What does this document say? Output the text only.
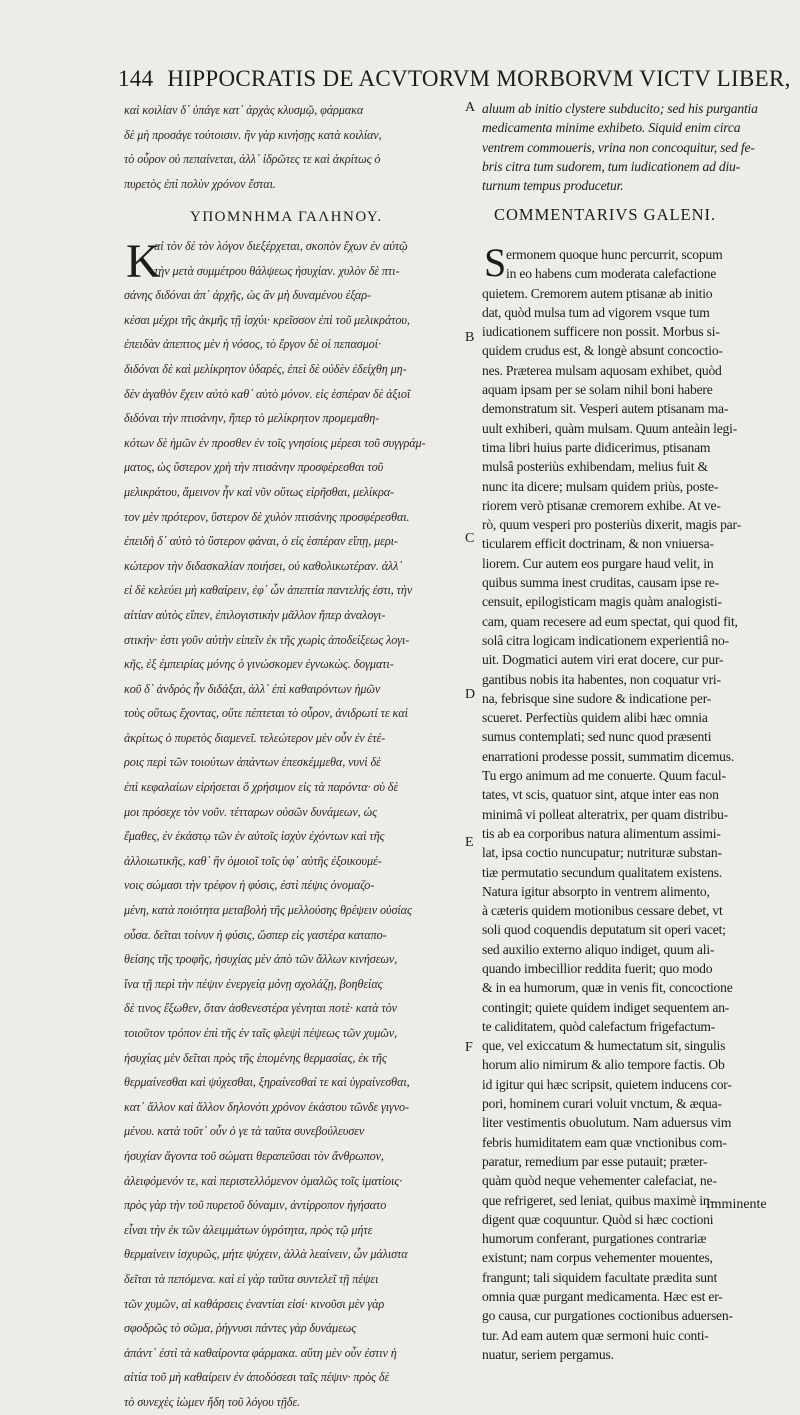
144 HIPPOCRATIS DE ACVTORVM MORBORVM VICTV LIBER,
καὶ κοιλίαν δ᾽ ὑπάγε κατ᾽ ἀρχὰς κλυσμῷ, φάρμακα
δὲ μὴ προσάγε τούτοισιν. ἢν γὰρ κινήσῃς κατὰ κοιλίαν,
τὸ οὖρον οὐ πεπαίνεται, ἀλλ᾽ ἱδρῶτες τε καὶ ἀκρίτως ὁ
πυρετὸς ἐπὶ πολὺν χρόνον ἔσται.
aluum ab initio clystere subducito; sed his purgantia
medicamenta minime exhibeto. Siquid enim circa
ventrem commoueris, vrina non concoquitur, sed fe-
bris citra tum sudorem, tum iudicationem ad diu-
turnum tempus producetur.
ΥΠΟΜΝΗΜΑ ΓΑΛΗΝΟΥ.	COMMENTARIVS GALENI.
K	S
αἰ τὸν δὲ τὸν λόγον διεξέρχεται, σκοπὸν ἔχων ἐν αὐτῷ
τὴν μετὰ συμμέτρου θάλψεως ἡσυχίαν. χυλὸν δὲ πτι-
σάνης διδόναι ἀπ᾽ ἀρχῆς, ὡς ἂν μὴ δυναμένου ἐξαρ-
κέσαι μέχρι τῆς ἀκμῆς τῇ ἰσχύι· κρεῖσσον ἐπὶ τοῦ μελικράτου,
ἐπειδὰν ἀπεπτος μὲν ἡ νόσος, τὸ ἔργον δὲ οἱ πεπασμοί·
διδόναι δὲ καὶ μελίκρητον ὑδαρές, ἐπεὶ δὲ οὐδὲν ἐδείχθη μη-
δὲν ἀγαθὸν ἔχειν αὐτὸ καθ᾽ αὑτὸ μόνον. εἰς ἑσπέραν δὲ ἀξιοῖ
διδόναι τὴν πτισάνην, ἤπερ τὸ μελίκρητον προμεμαθη-
κότων δὲ ἡμῶν ἐν προσθεν ἐν τοῖς γνησίοις μέρεσι τοῦ συγγράμ-
ματος, ὡς ὕστερον χρὴ τὴν πτισάνην προσφέρεσθαι τοῦ
μελικράτου, ἄμεινον ἦν καὶ νῦν οὕτως εἰρῆσθαι, μελίκρα-
τον μὲν πρότερον, ὕστερον δὲ χυλὸν πτισάνης προσφέρεσθαι.
ἐπειδὴ δ᾽ αὐτὸ τὸ ὕστερον φάναι, ὁ εἰς ἑσπέραν εἴπῃ, μερι-
κώτερον τὴν διδασκαλίαν ποιήσει, οὐ καθολικωτέραν. ἀλλ᾽
εἰ δὲ κελεύει μὴ καθαίρειν, ἐφ᾽ ὧν ἀπεπτία παντελής ἐστι, τὴν
αἰτίαν αὐτὸς εἴπεν, ἐπιλογιστικὴν μᾶλλον ἤπερ ἀναλογι-
στικήν· ἐστι γοῦν αὐτὴν εἰπεῖν ἐκ τῆς χωρὶς ἀποδείξεως λογι-
κῆς, ἐξ ἐμπειρίας μόνης ὁ γινώσκομεν ἐγνωκὼς. δογματι-
κοῦ δ᾽ ἀνδρὸς ἦν διδάξαι, ἀλλ᾽ ἐπὶ καθαιρόντων ἡμῶν
τοὺς οὕτως ἔχοντας, οὔτε πέπτεται τὸ οὖρον, ἀνιδρωτί τε καὶ
ἀκρίτως ὁ πυρετὸς διαμενεῖ. τελεώτερον μὲν οὖν ἐν ἑτέ-
ροις περὶ τῶν τοιούτων ἁπάντων ἐπεσκέμμεθα, νυνὶ δὲ
ἐπὶ κεφαλαίων εἰρήσεται ὅ χρήσιμον εἰς τὰ παρόντα· σὺ δὲ
μοι πρόσεχε τὸν νοῦν. τέτταρων οὐσῶν δυνάμεων, ὡς
ἔμαθες, ἐν ἑκάστῳ τῶν ἐν αὐτοῖς ἰσχὺν ἐχόντων καὶ τῆς
ἀλλοιωτικῆς, καθ᾽ ἣν ὁμοιοῖ τοῖς ὑφ᾽ αὐτῆς ἐξοικουμέ-
νοις σώμασι τὴν τρέφον ἡ φύσις, ἐστὶ πέψις ὀνομαζο-
μένη, κατὰ ποιότητα μεταβολὴ τῆς μελλούσης θρέψειν οὐσίας
οὖσα. δεῖται τοίνυν ἡ φύσις, ὥσπερ εἰς γαστέρα καταπο-
θείσης τῆς τροφῆς, ἡσυχίας μὲν ἀπὸ τῶν ἄλλων κινήσεων,
ἵνα τῇ περὶ τὴν πέψιν ἐνεργείᾳ μόνῃ σχολάζῃ, βοηθείας
δὲ τινος ἔξωθεν, ὅταν ἀσθενεστέρα γένηται ποτὲ· κατὰ τὸν
τοιοῦτον τρόπον ἐπὶ τῆς ἐν ταῖς φλεψὶ πέψεως τῶν χυμῶν,
ἡσυχίας μὲν δεῖται πρὸς τῆς ἑπομένης θερμασίας, ἐκ τῆς
θερμαίνεσθαι καὶ ψύχεσθαι, ξηραίνεσθαί τε καὶ ὑγραίνεσθαι,
κατ᾽ ἄλλον καὶ ἄλλον δηλονότι χρόνον ἑκάστου τῶνδε γιγνο-
μένου. κατὰ τοῦτ᾽ οὖν ὁ γε τὰ ταῦτα συνεβούλευσεν
ἡσυχίαν ἄγοντα τοῦ σώματι θεραπεῦσαι τὸν ἄνθρωπον,
ἀλειφόμενόν τε, καὶ περιστελλόμενον ὁμαλῶς τοῖς ἱματίοις·
πρὸς γὰρ τὴν τοῦ πυρετοῦ δύναμιν, ἀντίρροπον ἡγήσατο
εἶναι τὴν ἐκ τῶν ἀλειμμάτων ὑγρότητα, πρὸς τῷ μήτε
θερμαίνειν ἰσχυρῶς, μήτε ψύχειν, ἀλλὰ λεαίνειν, ὧν μάλιστα
δεῖται τὰ πεπόμενα. καὶ εἰ γὰρ ταῦτα συντελεῖ τῇ πέψει
τῶν χυμῶν, αἱ καθάρσεις ἐναντίαι εἰσί· κινοῦσι μὲν γὰρ
σφοδρῶς τὸ σῶμα, ῥήγνυσι πάντες γὰρ δυνάμεως
ἁπάντ᾽ ἐστὶ τὰ καθαίροντα φάρμακα. αὕτη μὲν οὖν ἐστιν ἡ
αἰτία τοῦ μὴ καθαίρειν ἐν ἀποδόσεσι ταῖς πέψιν· πρὸς δὲ
τὸ συνεχὲς ἰὼμεν ἤδη τοῦ λόγου τῇδε.
ermonem quoque hunc percurrit, scopum
in eo habens cum moderata calefactione
quietem. Cremorem autem ptisanæ ab initio
dat, quòd mulsa tum ad vigorem vsque tum
iudicationem sufficere non possit. Morbus si-
quidem crudus est, & longè absunt concoctio-
nes. Præterea mulsam aquosam exhibet, quòd
aquam ipsam per se solam nihil boni habere
demonstratum sit. Vesperi autem ptisanam ma-
uult exhiberi, quàm mulsam. Quum anteàin legi-
tima libri huius parte didicerimus, ptisanam
mulsâ posteriùs exhibendam, melius fuit &
nunc ita dicere; mulsam quidem priùs, poste-
riorem verò ptisanæ cremorem exhibe. At ve-
rò, quum vesperi pro posteriùs dixerit, magis par-
ticularem efficit doctrinam, & non vniuersa-
liorem. Cur autem eos purgare haud velit, in
quibus summa inest cruditas, causam ipse re-
censuit, epilogisticam magis quàm analogisti-
cam, quam recesere ad eum spectat, qui quod fit,
solâ citra logicam indicationem experientiâ no-
uit. Dogmatici autem viri erat docere, cur pur-
gantibus nobis ita habentes, non coquatur vri-
na, febrisque sine sudore & indicatione per-
scueret. Perfectiùs quidem alibi hæc omnia
sumus contemplati; sed nunc quod præsenti
enarrationi prodesse possit, summatim dicemus.
Tu ergo animum ad me conuerte. Quum facul-
tates, vt scis, quatuor sint, atque inter eas non
minimâ vi polleat alteratrix, per quam distribu-
tis ab ea corporibus natura alimentum assimi-
lat, ipsa coctio nuncupatur; nutrituræ substan-
tiæ permutatio secundum qualitatem existens.
Natura igitur absorpto in ventrem alimento,
à cæteris quidem motionibus cessare debet, vt
soli quod coquendis deputatum sit operi vacet;
sed auxilio externo aliquo indiget, quum ali-
quando imbecillior reddita fuerit; quo modo
& in ea humorum, quæ in venis fit, concoctione
contingit; quiete quidem indiget sequentem an-
te caliditatem, quòd calefactum frigefactum-
que, vel exiccatum & humectatum sit, singulis
horum alio nimirum & alio tempore factis. Ob
id igitur qui hæc scripsit, quietem inducens cor-
pori, hominem curari voluit vnctum, & æqua-
liter vestimentis obuolutum. Nam aduersus vim
febris humiditatem eam quæ vnctionibus com-
paratur, remedium par esse putauit; præter-
quàm quòd neque vehementer calefaciat, ne-
que refrigeret, sed leniat, quibus maximè in-
digent quæ coquuntur. Quòd si hæc coctioni
humorum conferant, purgationes contrariæ
existunt; nam corpus vehementer mouentes,
frangunt; tali siquidem facultate prædita sunt
omnia quæ purgant medicamenta. Hæc est er-
go causa, cur purgationes coctionibus aduersen-
tur. Ad eam autem quæ sermoni huic conti-
nuatur, seriem pergamus.
A
B
C
D
E
F
Imminente
